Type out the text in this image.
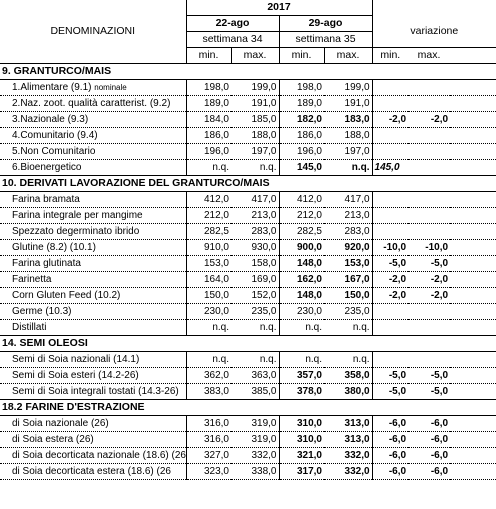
DENOMINAZIONI	2017						
	22-ago		29-ago		variazione		
	settimana 34		settimana 35				
	min.	max.	min.	max.	min.	max.	
9. GRANTURCO/MAIS							
1.Alimentare (9.1) nominale	198,0	199,0	198,0	199,0			
2.Naz. zoot. qualità caratterist. (9.2)	189,0	191,0	189,0	191,0			
3.Nazionale (9.3)	184,0	185,0	182,0	183,0	-2,0	-2,0	
4.Comunitario (9.4)	186,0	188,0	186,0	188,0			
5.Non Comunitario	196,0	197,0	196,0	197,0			
6.Bioenergetico	n.q.	n.q.	145,0	n.q.	145,0		
10. DERIVATI LAVORAZIONE DEL GRANTURCO/MAIS							
Farina bramata	412,0	417,0	412,0	417,0			
Farina integrale per mangime	212,0	213,0	212,0	213,0			
Spezzato degerminato ibrido	282,5	283,0	282,5	283,0			
Glutine (8.2) (10.1)	910,0	930,0	900,0	920,0	-10,0	-10,0	
Farina glutinata	153,0	158,0	148,0	153,0	-5,0	-5,0	
Farinetta	164,0	169,0	162,0	167,0	-2,0	-2,0	
Corn Gluten Feed (10.2)	150,0	152,0	148,0	150,0	-2,0	-2,0	
Germe (10.3)	230,0	235,0	230,0	235,0			
Distillati	n.q.	n.q.	n.q.	n.q.			
14. SEMI OLEOSI							
Semi di Soia nazionali (14.1)	n.q.	n.q.	n.q.	n.q.			
Semi di Soia esteri (14.2-26)	362,0	363,0	357,0	358,0	-5,0	-5,0	
Semi di Soia integrali tostati (14.3-26)	383,0	385,0	378,0	380,0	-5,0	-5,0	
18.2 FARINE D'ESTRAZIONE							
di Soia nazionale (26)	316,0	319,0	310,0	313,0	-6,0	-6,0	
di Soia estera (26)	316,0	319,0	310,0	313,0	-6,0	-6,0	
di Soia decorticata nazionale (18.6) (26	327,0	332,0	321,0	332,0	-6,0	-6,0	
di Soia decorticata estera (18.6) (26	323,0	338,0	317,0	332,0	-6,0	-6,0	
